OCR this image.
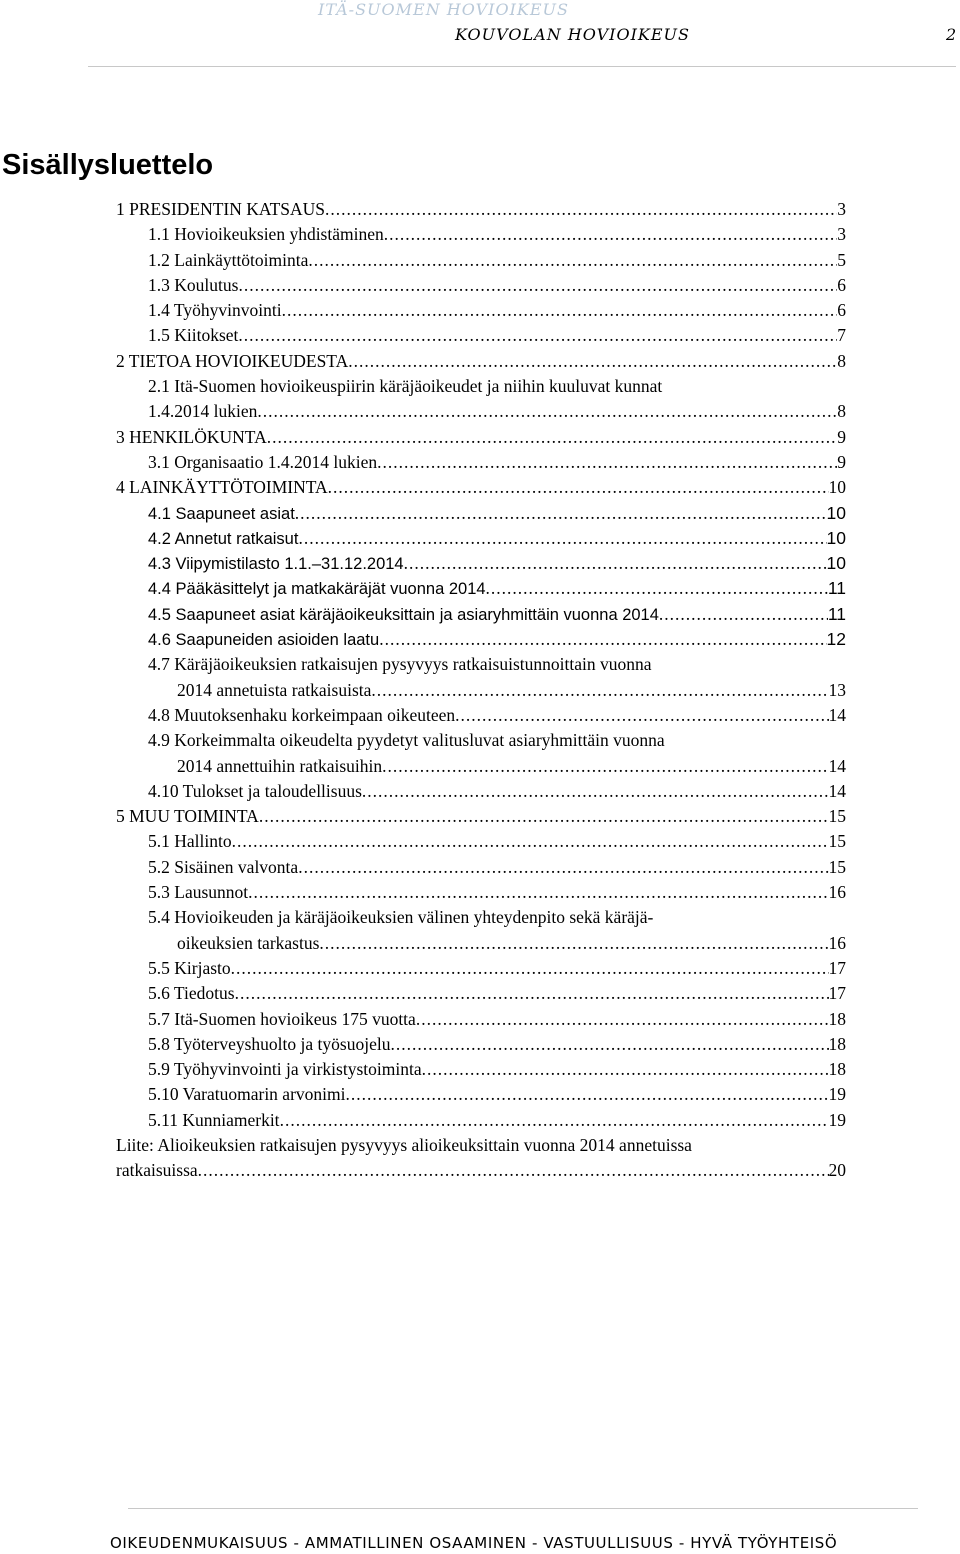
ITÄ-SUOMEN HOVIOIKEUS
KOUVOLAN HOVIOIKEUS	2
Sisällysluettelo
1 PRESIDENTIN KATSAUS .....	3
1.1 Hovioikeuksien yhdistäminen .....	3
1.2 Lainkäyttötoiminta .....	5
1.3 Koulutus .....	6
1.4 Työhyvinvointi .....	6
1.5 Kiitokset .....	7
2 TIETOA HOVIOIKEUDESTA .....	8
2.1 Itä-Suomen hovioikeuspiirin käräjäoikeudet ja niihin kuuluvat kunnat
1.4.2014 lukien .....	8
3 HENKILÖKUNTA .....	9
3.1 Organisaatio 1.4.2014 lukien .....	9
4 LAINKÄYTTÖTOIMINTA .....	10
4.1 Saapuneet asiat .....	10
4.2 Annetut ratkaisut .....	10
4.3 Viipymistilasto 1.1.–31.12.2014 .....	10
4.4 Pääkäsittelyt ja matkakäräjät vuonna 2014 .....	11
4.5 Saapuneet asiat käräjäoikeuksittain ja asiaryhmittäin vuonna 2014 .....	11
4.6 Saapuneiden asioiden laatu .....	12
4.7 Käräjäoikeuksien ratkaisujen pysyvyys ratkaisuistunnoittain vuonna
2014 annetuista ratkaisuista .....	13
4.8 Muutoksenhaku korkeimpaan oikeuteen .....	14
4.9 Korkeimmalta oikeudelta pyydetyt valitusluvat asiaryhmittäin vuonna
2014 annettuihin ratkaisuihin .....	14
4.10 Tulokset ja taloudellisuus .....	14
5 MUU TOIMINTA .....	15
5.1 Hallinto .....	15
5.2 Sisäinen valvonta .....	15
5.3 Lausunnot .....	16
5.4 Hovioikeuden ja käräjäoikeuksien välinen yhteydenpito sekä käräjä-
oikeuksien tarkastus .....	16
5.5 Kirjasto .....	17
5.6 Tiedotus .....	17
5.7 Itä-Suomen hovioikeus 175 vuotta .....	18
5.8 Työterveyshuolto ja työsuojelu .....	18
5.9 Työhyvinvointi ja virkistystoiminta .....	18
5.10 Varatuomarin arvonimi .....	19
5.11 Kunniamerkit .....	19
Liite: Alioikeuksien ratkaisujen pysyvyys alioikeuksittain vuonna 2014 annetuissa
ratkaisuissa .....	20
OIKEUDENMUKAISUUS - AMMATILLINEN OSAAMINEN - VASTUULLISUUS - HYVÄ TYÖYHTEISÖ
